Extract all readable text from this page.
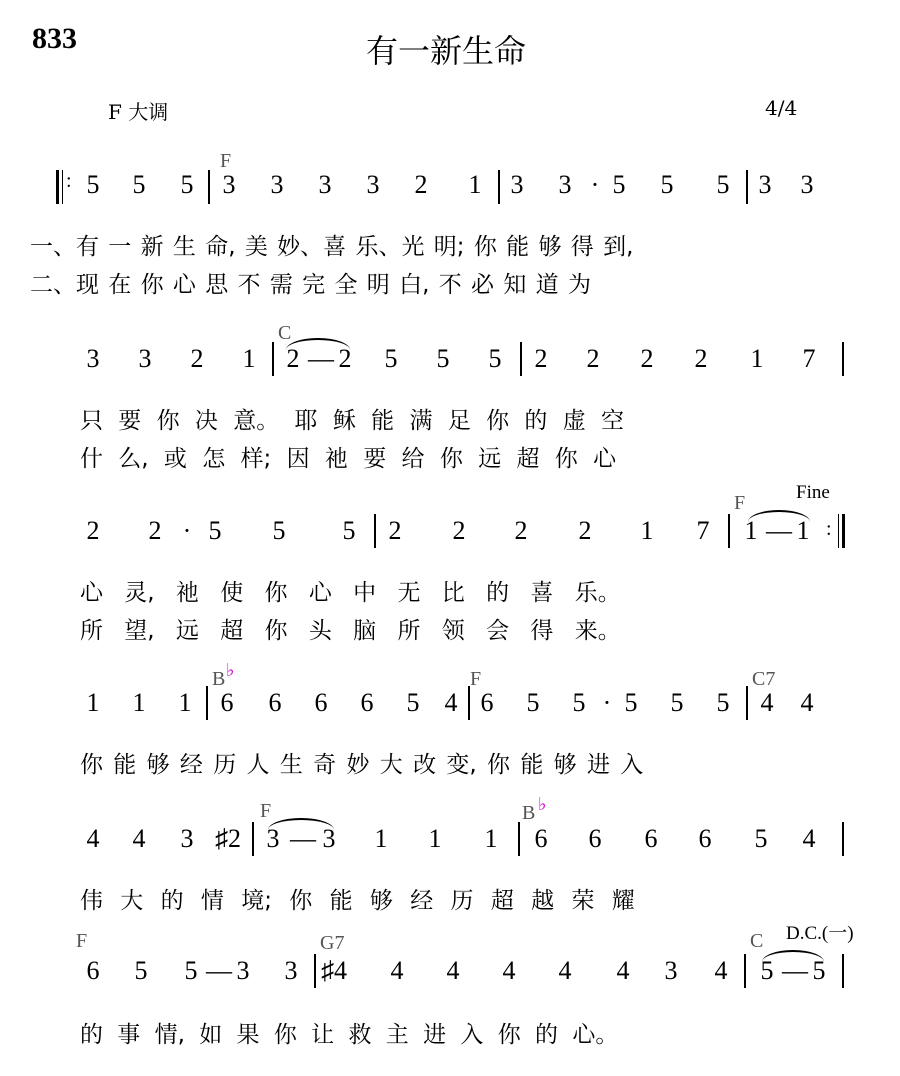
833	有一新生命
F 大调	4/4
: 5 5 5
F
3 3 3 3 2 1 3 3 · 5 5 5 3 3
一、有 一 新 生 命, 美 妙、喜 乐、光 明; 你 能 够 得 到,
二、现 在 你 心 思 不 需 完 全 明 白, 不 必 知 道 为
3 3 2 1
C
2 — 2 5 5 5 2 2 2 2 1 7
只 要 你 决 意。 耶 稣 能 满 足 你 的 虚 空
什 么, 或 怎 样; 因 祂 要 给 你 远 超 你 心
2 2 · 5 5 5 2 2 2 2 1 7
F	Fine
1 — 1 :
心 灵, 祂 使 你 心 中 无 比 的 喜 乐。
所 望, 远 超 你 头 脑 所 领 会 得 来。
1 1 1
B ♭
6 6 6 6 5 4
F
6 5 5 · 5 5 5
C7
4 4
你 能 够 经 历 人 生 奇 妙 大 改 变, 你 能 够 进 入
4 4 3 ♯2
F
3 — 3 1 1 1
B ♭
6 6 6 6 5 4
伟 大 的 情 境; 你 能 够 经 历 超 越 荣 耀
F
6 5 5 — 3 3
G7
♯4 4 4 4 4 4 3 4
C D.C.(一)
5 — 5
的 事 情, 如 果 你 让 救 主 进 入 你 的 心。
